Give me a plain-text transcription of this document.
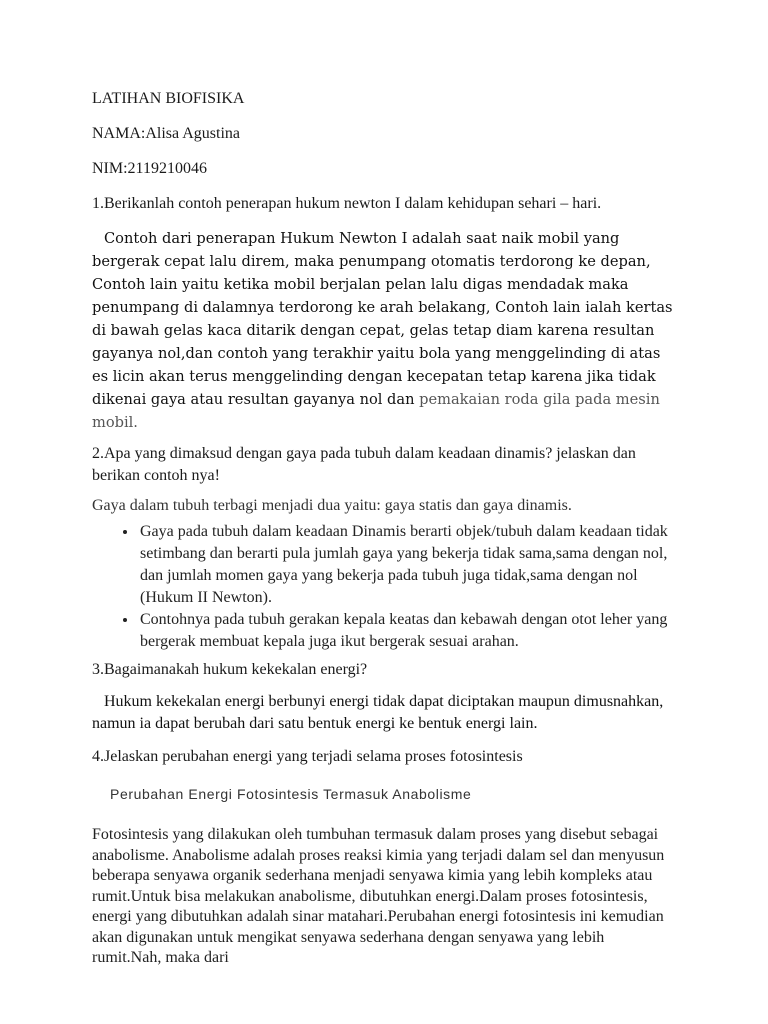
LATIHAN BIOFISIKA

NAMA:Alisa Agustina

NIM:2119210046

1.Berikanlah contoh penerapan hukum newton I dalam kehidupan sehari – hari.

Contoh dari penerapan Hukum Newton I adalah saat naik mobil yang bergerak cepat lalu direm, maka penumpang otomatis terdorong ke depan, Contoh lain yaitu ketika mobil berjalan pelan lalu digas mendadak maka penumpang di dalamnya terdorong ke arah belakang, Contoh lain ialah kertas di bawah gelas kaca ditarik dengan cepat, gelas tetap diam karena resultan gayanya nol,dan contoh yang terakhir yaitu bola yang menggelinding di atas es licin akan terus menggelinding dengan kecepatan tetap karena jika tidak dikenai gaya atau resultan gayanya nol dan pemakaian roda gila pada mesin mobil.

2.Apa yang dimaksud dengan gaya pada tubuh dalam keadaan dinamis? jelaskan dan berikan contoh nya!

Gaya dalam tubuh terbagi menjadi dua yaitu: gaya statis dan gaya dinamis.

• Gaya pada tubuh dalam keadaan Dinamis berarti objek/tubuh dalam keadaan tidak setimbang dan berarti pula jumlah gaya yang bekerja tidak sama,sama dengan nol, dan jumlah momen gaya yang bekerja pada tubuh juga tidak,sama dengan nol (Hukum II Newton).
• Contohnya pada tubuh gerakan kepala keatas dan kebawah dengan otot leher yang bergerak membuat kepala juga ikut bergerak sesuai arahan.

3.Bagaimanakah hukum kekekalan energi?

Hukum kekekalan energi berbunyi energi tidak dapat diciptakan maupun dimusnahkan, namun ia dapat berubah dari satu bentuk energi ke bentuk energi lain.

4.Jelaskan perubahan energi yang terjadi selama proses fotosintesis

Perubahan Energi Fotosintesis Termasuk Anabolisme

Fotosintesis yang dilakukan oleh tumbuhan termasuk dalam proses yang disebut sebagai anabolisme. Anabolisme adalah proses reaksi kimia yang terjadi dalam sel dan menyusun beberapa senyawa organik sederhana menjadi senyawa kimia yang lebih kompleks atau rumit.Untuk bisa melakukan anabolisme, dibutuhkan energi.Dalam proses fotosintesis, energi yang dibutuhkan adalah sinar matahari.Perubahan energi fotosintesis ini kemudian akan digunakan untuk mengikat senyawa sederhana dengan senyawa yang lebih rumit.Nah, maka dari
